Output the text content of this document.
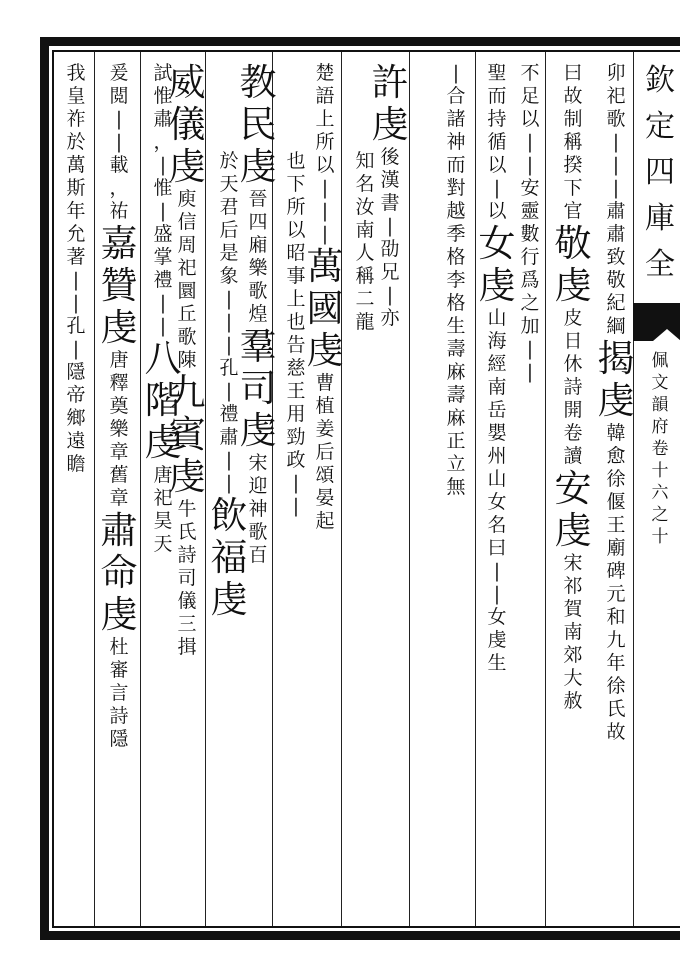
欽
定
四
庫
全
佩
文
韻
府
卷
十
六
之
十
卯
祀
歌
|
|
|
肅
肅
致
敬
紀
綱
揭
虔
韓
愈
徐
偃
王
廟
碑
元
和
九
年
徐
氏
故
曰
故
制
稱
揆
下
官
敬
虔
皮
日
休
詩
開
卷
讀
安
虔
宋
祁
賀
南
郊
大
赦
不
足
以
|
|
安
靈
數
行
爲
之
加
|
|
聖
而
持
循
以
|
以
女
虔
山
海
經
南
岳
嬰
州
山
女
名
曰
|
|
女
虔
生
|
合
諸
神
而
對
越
季
格
李
格
生
壽
麻
壽
麻
正
立
無
許
虔
後
漢
書
|
劭
兄
|
亦
知
名
汝
南
人
稱
二
龍
楚
語
上
所
以
|
|
|
萬
國
虔
曹
植
姜
后
頌
晏
起
也
下
所
以
昭
事
上
也
告
慈
王
用
勁
政
|
|
教
民
虔
晉
四
廂
樂
歌
煌
羣
司
虔
宋
迎
神
歌
百
於
天
君
后
是
象
|
|
|
孔
|
禮
肅
|
|
飲
福
虔
威
儀
虔
庾
信
周
祀
圜
丘
歌
陳
九
賓
虔
牛
氏
詩
司
儀
三
揖
試
惟
肅
，
|
惟
|
盛
掌
禮
|
|
八
階
虔
唐
祀
昊
天
爰
閲
|
|
載
，
祐
嘉
贊
虔
唐
釋
奠
樂
章
舊
章
肅
命
虔
杜
審
言
詩
隱
我
皇
祚
於
萬
斯
年
允
著
|
|
孔
|
隱
帝
鄉
遠
瞻
